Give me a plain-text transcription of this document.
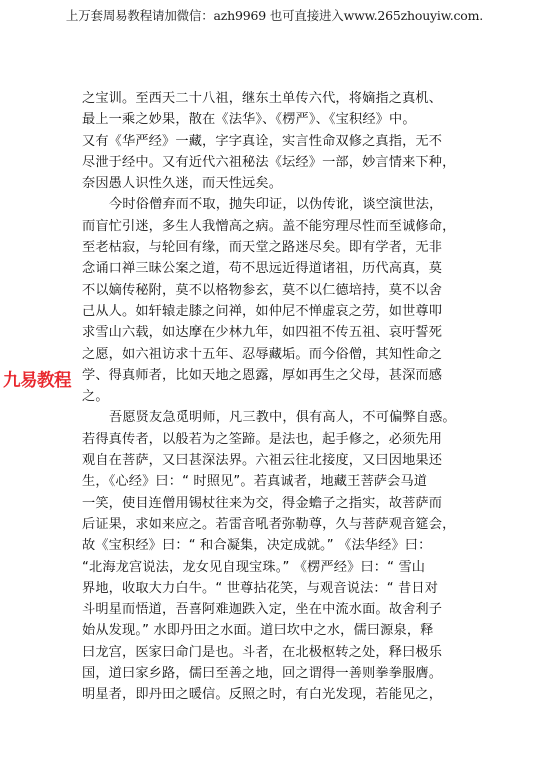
上万套周易教程请加微信：azh9969 也可直接进入www.265zhouyiw.com.
九易教程
之宝训。至西天二十八祖，继东土单传六代，将嫡指之真机、
最上一乘之妙果，散在《法华》、《楞严》、《宝积经》中。
又有《华严经》一藏，字字真诠，实言性命双修之真指，无不
尽泄于经中。又有近代六祖秘法《坛经》一部，妙言情来下种，
奈因愚人识性久迷，而天性远矣。
今时俗僧弃而不取，抛失印证，以伪传讹，谈空演世法，
而盲忙引迷，多生人我憎高之病。盖不能穷理尽性而至诚修命，
至老枯寂，与轮回有缘，而天堂之路迷尽矣。即有学者，无非
念诵口禅三昧公案之道，苟不思远近得道诸祖，历代高真，莫
不以嫡传秘附，莫不以格物参玄，莫不以仁德培持，莫不以舍
己从人。如轩辕走膝之问禅，如仲尼不惮虚哀之劳，如世尊叩
求雪山六载，如达摩在少林九年，如四祖不传五祖、哀吁誓死
之愿，如六祖访求十五年、忍辱藏垢。而今俗僧，其知性命之
学、得真师者，比如天地之恩露，厚如再生之父母，甚深而感
之。
吾愿贤友急觅明师，凡三教中，俱有高人，不可偏弊自惑。
若得真传者，以般若为之筌蹄。是法也，起手修之，必须先用
观自在菩萨，又曰甚深法界。六祖云往北接度，又曰因地果还
生，《心经》曰：“ 时照见”。若真诚者，地藏王菩萨会马道
一笑，使目连僧用锡杖往来为交，得金蟾子之指实，故菩萨而
后证果，求如来应之。若雷音吼者弥勒尊，久与菩萨观音筵会，
故《宝积经》曰：“ 和合凝集，决定成就。” 《法华经》曰：
“北海龙宫说法，龙女见自现宝珠。” 《楞严经》曰：“ 雪山
界地，收取大力白牛。“ 世尊拈花笑，与观音说法：“ 昔日对
斗明星而悟道，吾喜阿难迦跌入定，坐在中流水面。故舍利子
始从发现。” 水即丹田之水面。道曰坎中之水，儒曰源泉，释
曰龙宫，医家曰命门是也。斗者，在北极枢转之处，释曰极乐
国，道曰家乡路，儒曰至善之地，回之谓得一善则拳拳服膺。
明星者，即丹田之暖信。反照之时，有白光发现，若能见之，
